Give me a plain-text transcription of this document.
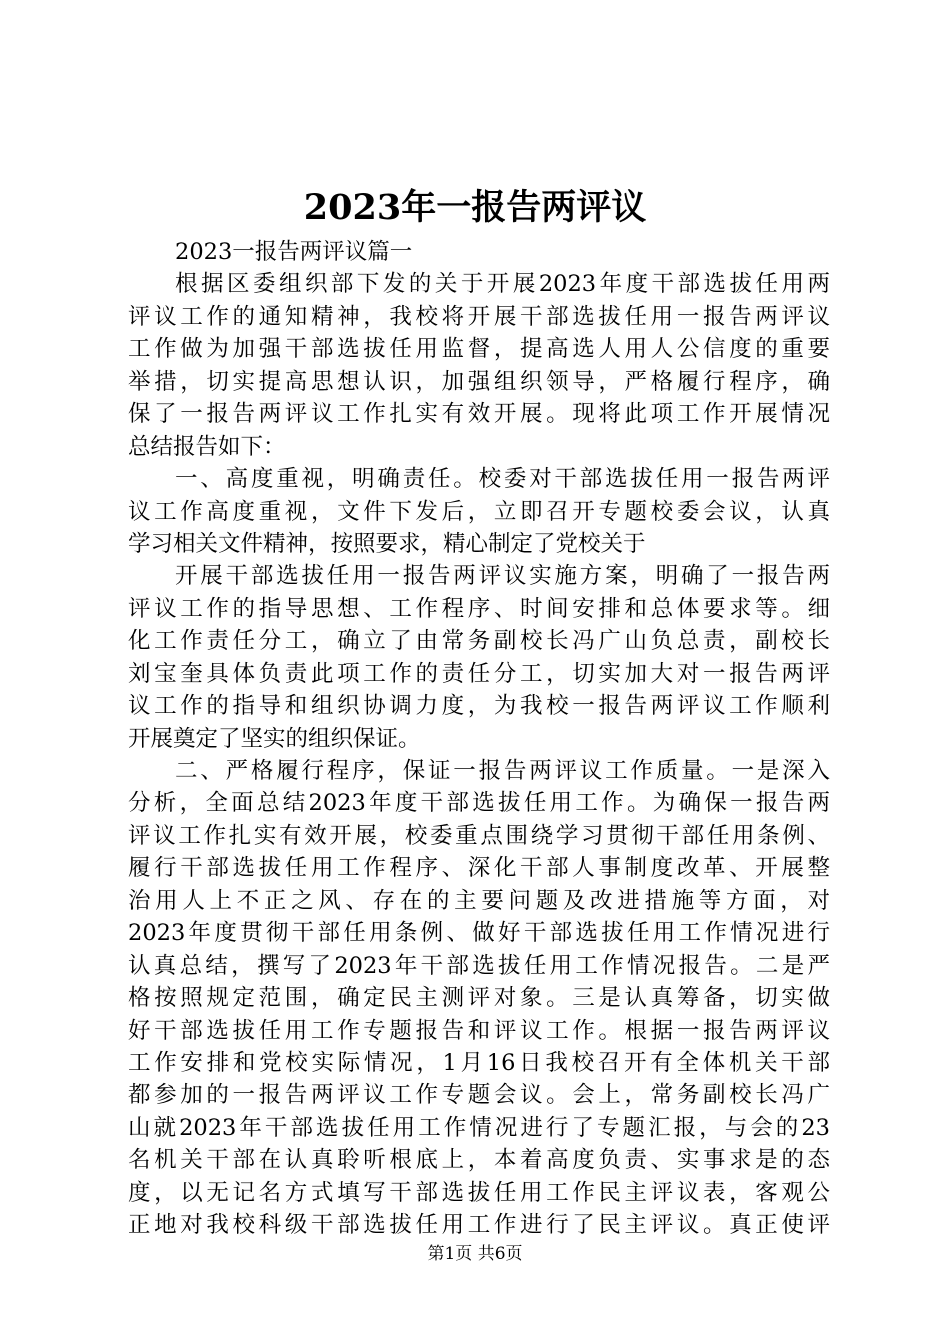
2023年一报告两评议
2023一报告两评议篇一
根据区委组织部下发的关于开展2023年度干部选拔任用两
评议工作的通知精神，我校将开展干部选拔任用一报告两评议
工作做为加强干部选拔任用监督，提高选人用人公信度的重要
举措，切实提高思想认识，加强组织领导，严格履行程序，确
保了一报告两评议工作扎实有效开展。现将此项工作开展情况
总结报告如下：
一、高度重视，明确责任。校委对干部选拔任用一报告两评
议工作高度重视，文件下发后，立即召开专题校委会议，认真
学习相关文件精神，按照要求，精心制定了党校关于
开展干部选拔任用一报告两评议实施方案，明确了一报告两
评议工作的指导思想、工作程序、时间安排和总体要求等。细
化工作责任分工，确立了由常务副校长冯广山负总责，副校长
刘宝奎具体负责此项工作的责任分工，切实加大对一报告两评
议工作的指导和组织协调力度，为我校一报告两评议工作顺利
开展奠定了坚实的组织保证。
二、严格履行程序，保证一报告两评议工作质量。一是深入
分析，全面总结2023年度干部选拔任用工作。为确保一报告两
评议工作扎实有效开展，校委重点围绕学习贯彻干部任用条例、
履行干部选拔任用工作程序、深化干部人事制度改革、开展整
治用人上不正之风、存在的主要问题及改进措施等方面，对
2023年度贯彻干部任用条例、做好干部选拔任用工作情况进行
认真总结，撰写了2023年干部选拔任用工作情况报告。二是严
格按照规定范围，确定民主测评对象。三是认真筹备，切实做
好干部选拔任用工作专题报告和评议工作。根据一报告两评议
工作安排和党校实际情况，1月16日我校召开有全体机关干部
都参加的一报告两评议工作专题会议。会上，常务副校长冯广
山就2023年干部选拔任用工作情况进行了专题汇报，与会的23
名机关干部在认真聆听根底上，本着高度负责、实事求是的态
度，以无记名方式填写干部选拔任用工作民主评议表，客观公
正地对我校科级干部选拔任用工作进行了民主评议。真正使评
第1页 共6页
